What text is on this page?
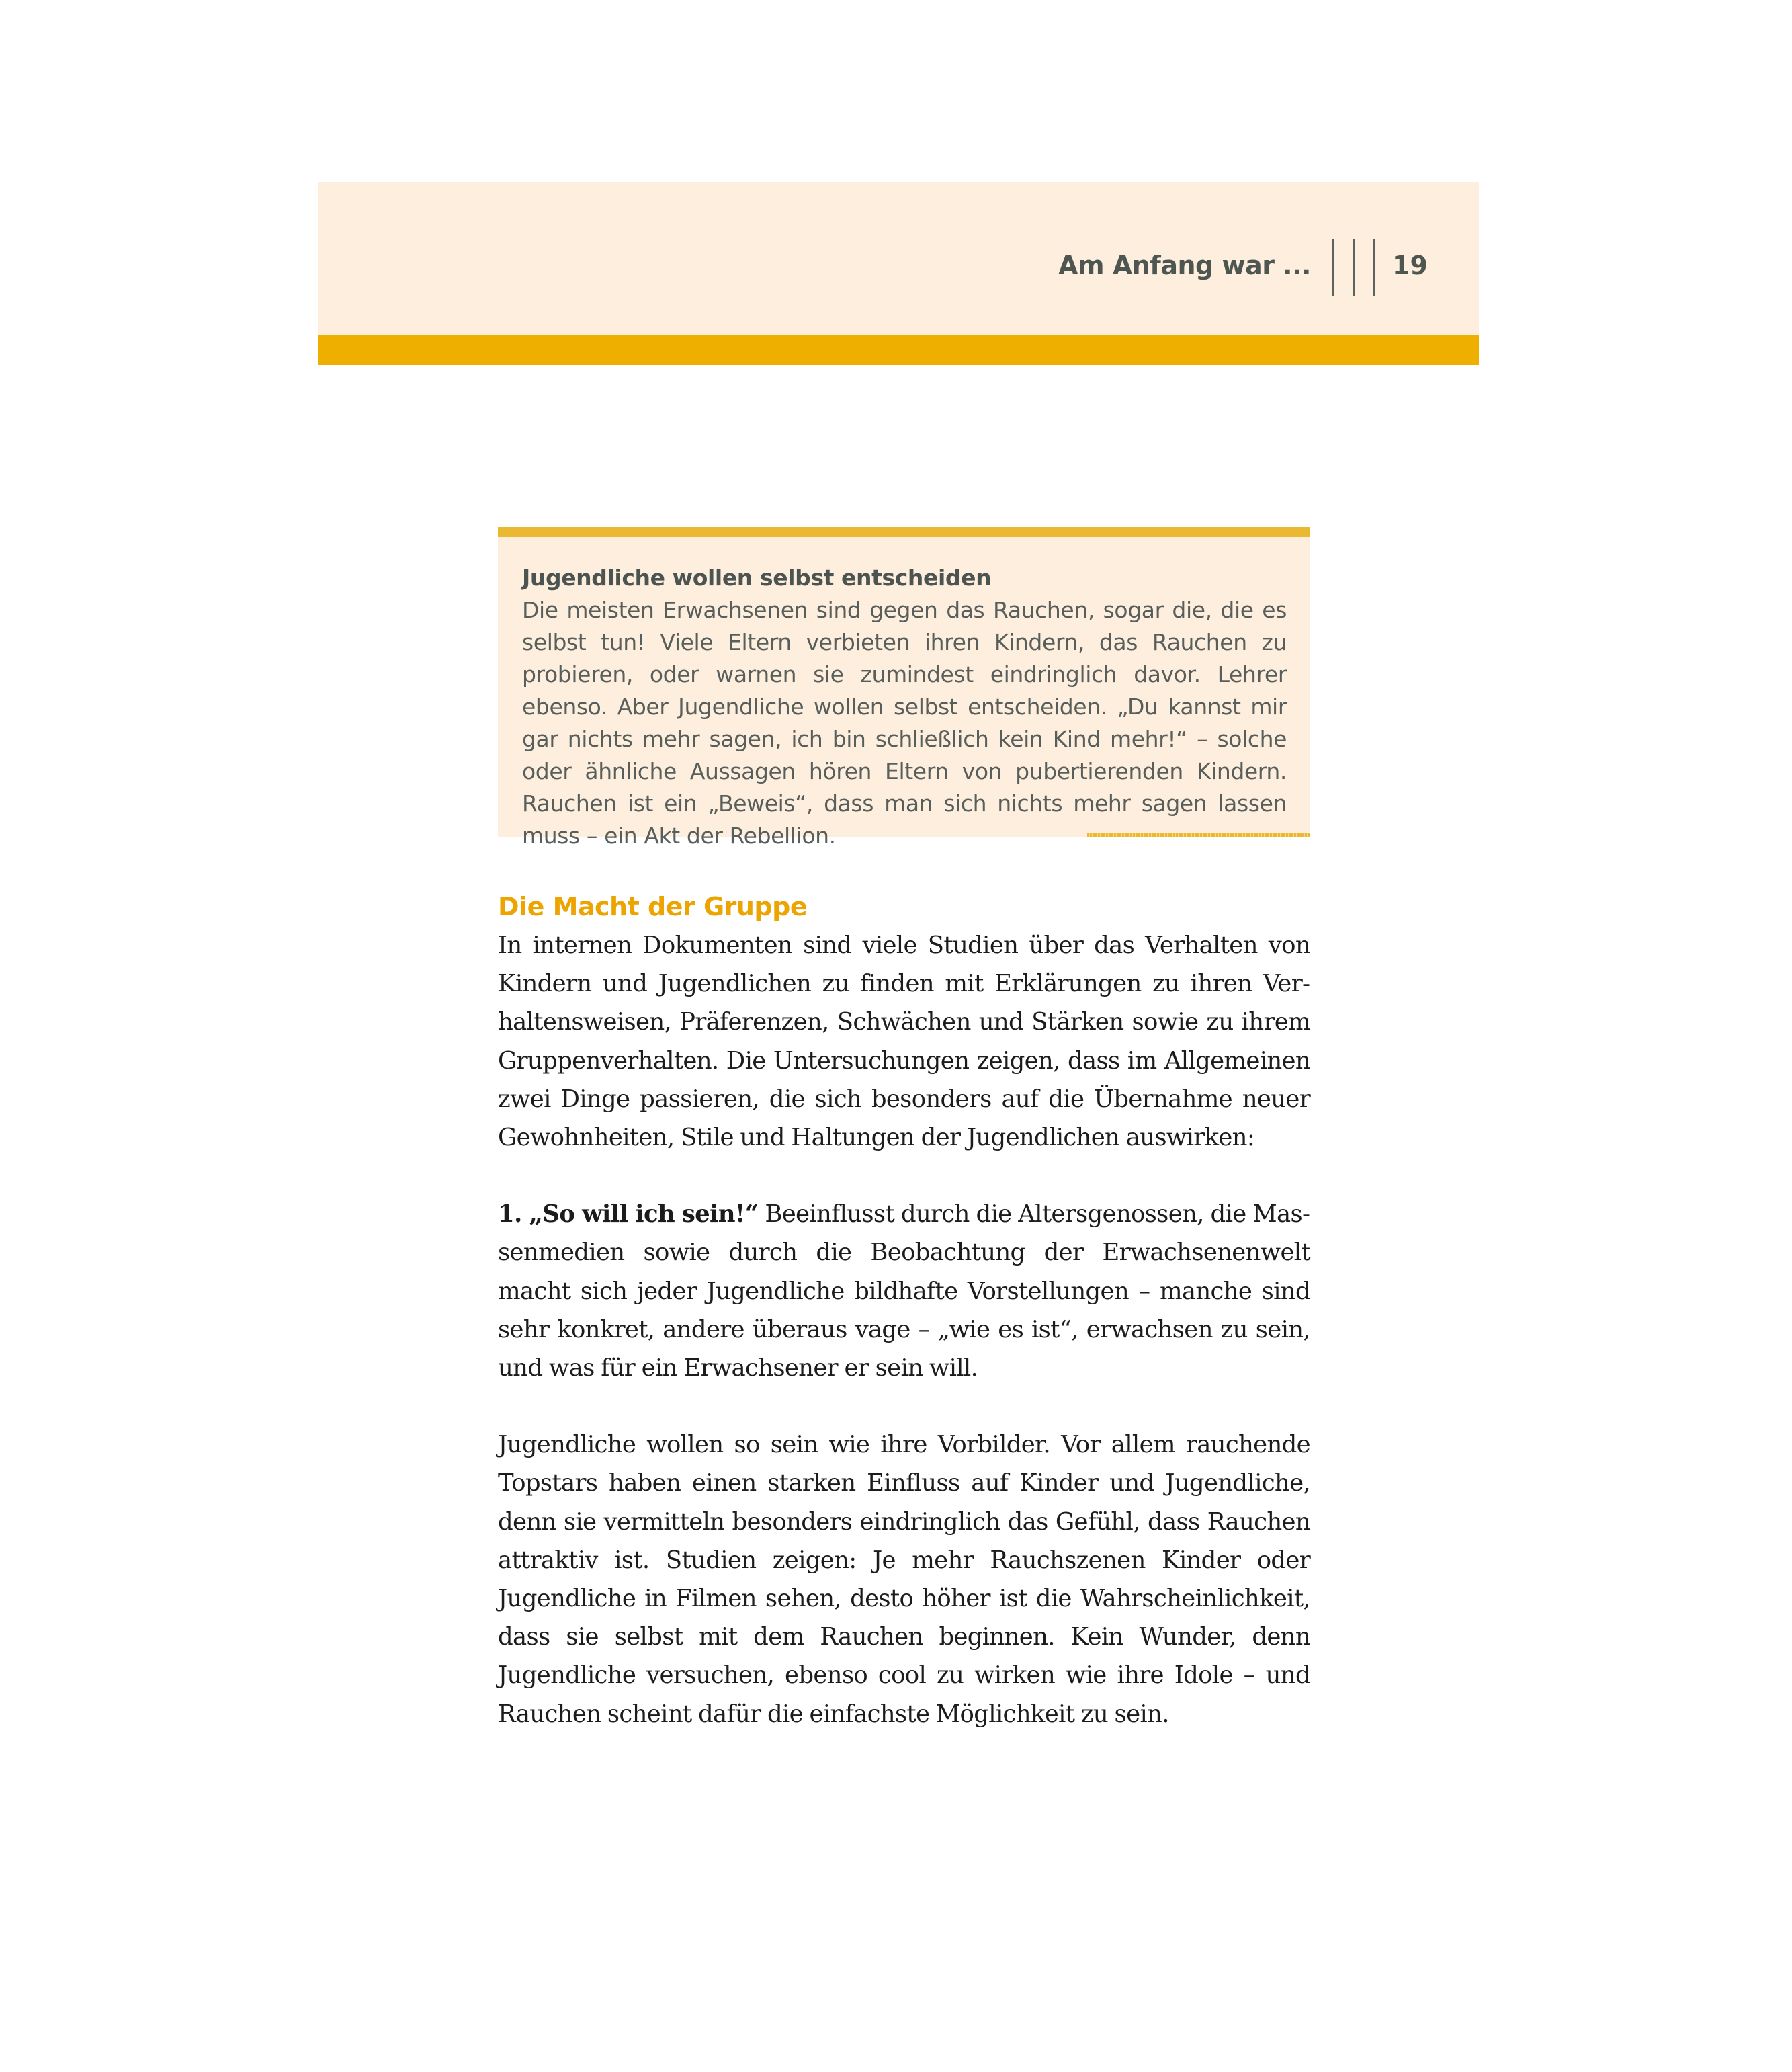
Am Anfang war ...	19

Jugendliche wollen selbst entscheiden

Die meisten Erwachsenen sind gegen das Rauchen, sogar die, die es selbst tun! Viele Eltern verbieten ihren Kindern, das Rauchen zu probieren, oder warnen sie zumindest eindringlich davor. Lehrer ebenso. Aber Jugendliche wollen selbst entscheiden. „Du kannst mir gar nichts mehr sagen, ich bin schließlich kein Kind mehr!“ – solche oder ähnliche Aussagen hören Eltern von pubertierenden Kindern. Rauchen ist ein „Beweis“, dass man sich nichts mehr sagen lassen muss – ein Akt der Rebellion.

Die Macht der Gruppe

In internen Dokumenten sind viele Studien über das Verhalten von Kindern und Jugendlichen zu finden mit Erklärungen zu ihren Verhaltensweisen, Präferenzen, Schwächen und Stärken sowie zu ihrem Gruppenverhalten. Die Untersuchungen zeigen, dass im Allgemeinen zwei Dinge passieren, die sich besonders auf die Übernahme neuer Gewohnheiten, Stile und Haltungen der Jugendlichen auswirken:

1. „So will ich sein!“ Beeinflusst durch die Altersgenossen, die Massenmedien sowie durch die Beobachtung der Erwachsenenwelt macht sich jeder Jugendliche bildhafte Vorstellungen – manche sind sehr konkret, andere überaus vage – „wie es ist“, erwachsen zu sein, und was für ein Erwachsener er sein will.

Jugendliche wollen so sein wie ihre Vorbilder. Vor allem rauchende Topstars haben einen starken Einfluss auf Kinder und Jugendliche, denn sie vermitteln besonders eindringlich das Gefühl, dass Rauchen attraktiv ist. Studien zeigen: Je mehr Rauchszenen Kinder oder Jugendliche in Filmen sehen, desto höher ist die Wahrscheinlichkeit, dass sie selbst mit dem Rauchen beginnen. Kein Wunder, denn Jugendliche versuchen, ebenso cool zu wirken wie ihre Idole – und Rauchen scheint dafür die einfachste Möglichkeit zu sein.
